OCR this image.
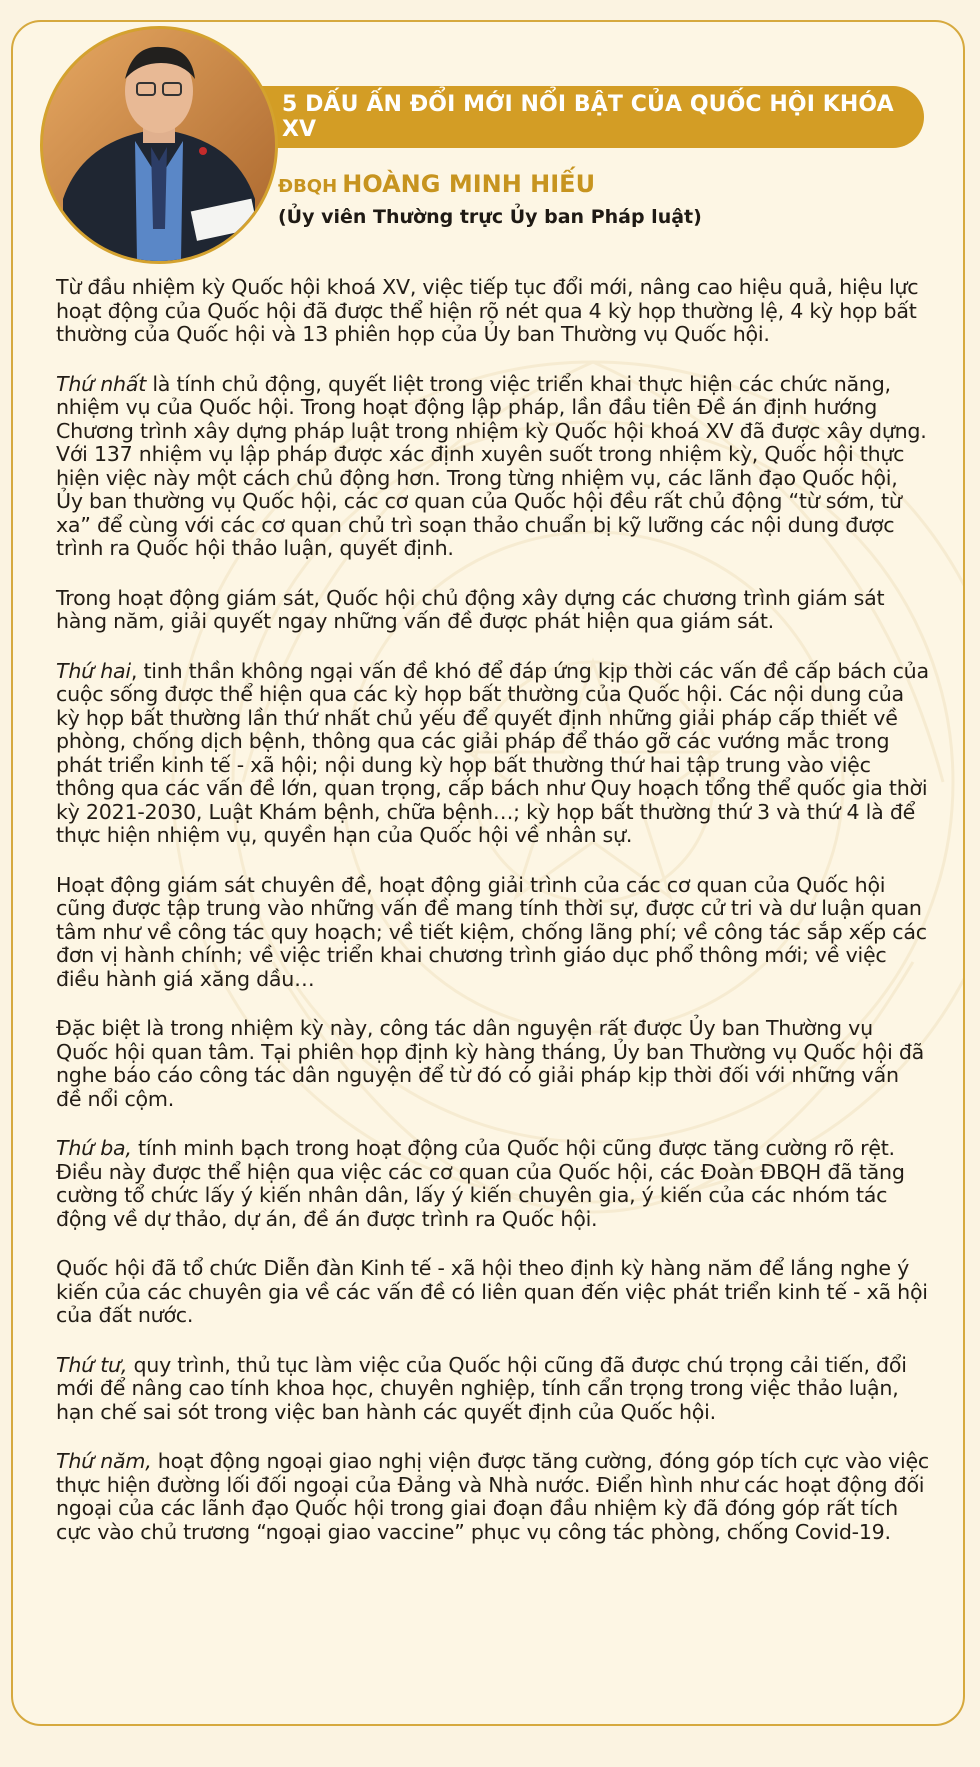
5 DẤU ẤN ĐỔI MỚI NỔI BẬT CỦA QUỐC HỘI KHÓA XV
ĐBQH HOÀNG MINH HIẾU
(Ủy viên Thường trực Ủy ban Pháp luật)

Từ đầu nhiệm kỳ Quốc hội khoá XV, việc tiếp tục đổi mới, nâng cao hiệu quả, hiệu lực hoạt động của Quốc hội đã được thể hiện rõ nét qua 4 kỳ họp thường lệ, 4 kỳ họp bất thường của Quốc hội và 13 phiên họp của Ủy ban Thường vụ Quốc hội.

Thứ nhất là tính chủ động, quyết liệt trong việc triển khai thực hiện các chức năng, nhiệm vụ của Quốc hội. Trong hoạt động lập pháp, lần đầu tiên Đề án định hướng Chương trình xây dựng pháp luật trong nhiệm kỳ Quốc hội khoá XV đã được xây dựng. Với 137 nhiệm vụ lập pháp được xác định xuyên suốt trong nhiệm kỳ, Quốc hội thực hiện việc này một cách chủ động hơn. Trong từng nhiệm vụ, các lãnh đạo Quốc hội, Ủy ban thường vụ Quốc hội, các cơ quan của Quốc hội đều rất chủ động “từ sớm, từ xa” để cùng với các cơ quan chủ trì soạn thảo chuẩn bị kỹ lưỡng các nội dung được trình ra Quốc hội thảo luận, quyết định.

Trong hoạt động giám sát, Quốc hội chủ động xây dựng các chương trình giám sát hàng năm, giải quyết ngay những vấn đề được phát hiện qua giám sát.

Thứ hai, tinh thần không ngại vấn đề khó để đáp ứng kịp thời các vấn đề cấp bách của cuộc sống được thể hiện qua các kỳ họp bất thường của Quốc hội. Các nội dung của kỳ họp bất thường lần thứ nhất chủ yếu để quyết định những giải pháp cấp thiết về phòng, chống dịch bệnh, thông qua các giải pháp để tháo gỡ các vướng mắc trong phát triển kinh tế - xã hội; nội dung kỳ họp bất thường thứ hai tập trung vào việc thông qua các vấn đề lớn, quan trọng, cấp bách như Quy hoạch tổng thể quốc gia thời kỳ 2021-2030, Luật Khám bệnh, chữa bệnh…; kỳ họp bất thường thứ 3 và thứ 4 là để thực hiện nhiệm vụ, quyền hạn của Quốc hội về nhân sự.

Hoạt động giám sát chuyên đề, hoạt động giải trình của các cơ quan của Quốc hội cũng được tập trung vào những vấn đề mang tính thời sự, được cử tri và dư luận quan tâm như về công tác quy hoạch; về tiết kiệm, chống lãng phí; về công tác sắp xếp các đơn vị hành chính; về việc triển khai chương trình giáo dục phổ thông mới; về việc điều hành giá xăng dầu…

Đặc biệt là trong nhiệm kỳ này, công tác dân nguyện rất được Ủy ban Thường vụ Quốc hội quan tâm. Tại phiên họp định kỳ hàng tháng, Ủy ban Thường vụ Quốc hội đã nghe báo cáo công tác dân nguyện để từ đó có giải pháp kịp thời đối với những vấn đề nổi cộm.

Thứ ba, tính minh bạch trong hoạt động của Quốc hội cũng được tăng cường rõ rệt. Điều này được thể hiện qua việc các cơ quan của Quốc hội, các Đoàn ĐBQH đã tăng cường tổ chức lấy ý kiến nhân dân, lấy ý kiến chuyên gia, ý kiến của các nhóm tác động về dự thảo, dự án, đề án được trình ra Quốc hội.

Quốc hội đã tổ chức Diễn đàn Kinh tế - xã hội theo định kỳ hàng năm để lắng nghe ý kiến của các chuyên gia về các vấn đề có liên quan đến việc phát triển kinh tế - xã hội của đất nước.

Thứ tư, quy trình, thủ tục làm việc của Quốc hội cũng đã được chú trọng cải tiến, đổi mới để nâng cao tính khoa học, chuyên nghiệp, tính cẩn trọng trong việc thảo luận, hạn chế sai sót trong việc ban hành các quyết định của Quốc hội.

Thứ năm, hoạt động ngoại giao nghị viện được tăng cường, đóng góp tích cực vào việc thực hiện đường lối đối ngoại của Đảng và Nhà nước. Điển hình như các hoạt động đối ngoại của các lãnh đạo Quốc hội trong giai đoạn đầu nhiệm kỳ đã đóng góp rất tích cực vào chủ trương “ngoại giao vaccine” phục vụ công tác phòng, chống Covid-19.
